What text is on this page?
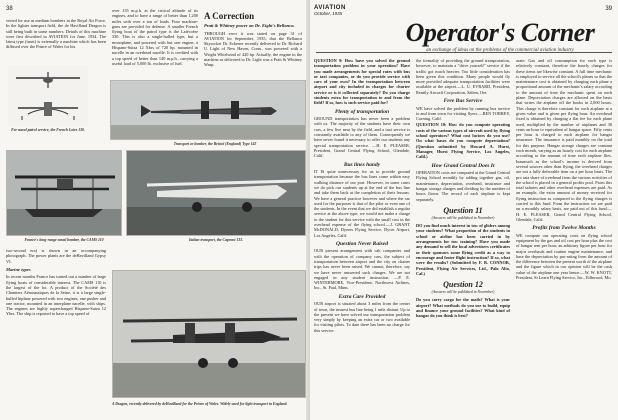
38

verted for use as medium bombers in the Royal Air Force. In the lighter transport field, the de Havilland Dragon is still being built in some numbers. Details of this machine were first described in AVIATION for June, 1934. The latest type (inset) is externally a machine which has been diffused over the Prince of Wales for his

over 135 m.p.h. at the critical altitude of its engines, and to have a range of better than 1,200 miles with over a ton of loads. Four machine-guns are provided for defense. A smaller French flying boat of the patrol type is the Latécoère 330. This is also a single-hulled type, but a monoplane, and powered with but one engine, a Hispano-Suiza 12 Xbrs of 720 hp. mounted in nacelle in an overhead nacelle. It is credited with a top speed of better than 140 m.p.h., carrying a useful load of 5,000 lb. exclusive of fuel.

A Correction
Pratt & Whitney power on Dr. Eight's Bellanca.

THROUGH error it was stated on page 31 of AVIATION for September, 1935, that the Bellanca Skyrocket Dr. Eckener recently delivered to Dr. Richard U. Light of New Haven, Conn., was powered with a Wright Whirlwind of 420 hp. Actually, the engine in the machine as delivered to Dr. Light was a Pratt & Whitney Wasp.

For naval patrol service, the French Loire 130.
Transport or bomber, the Bristol (England) Type 142
France's long-range naval bomber, the CAMS 110	Italian transport, the Caproni 133.

two-second era) is shown in an accompanying photograph. The power plants are the deHavilland Gypsy VI.

Marine types

In recent months France has turned out a number of large flying boats of considerable interest. The CAMS 110 is the largest of the lot. A product of the Société des Chantiers Aéronautiques de la Seine, it is a large single-hulled biplane powered with two engines, one pusher and one tractor, mounted in an interplane nacelle, with ships. The engines are highly supercharged Hispano-Suiza 12 Ybrs. The ship is reported to have a top speed of

A Dragon, recently delivered by deHavilland for the Prince of Wales. Widely used for light transport in England.
AVIATION
October, 1935
39

QUESTION 9: How have you solved the ground transportation problem in your operation? Have you made arrangements for special rates with bus or taxi companies, or do you provide service with cars of your own? In the transportation between airport and city included in charges for charter service or is it collected separately? Do you charge students extra for transportation to and from the field? If so, how is such service paid for?

Plenty of transportation

GROUND transportation has never been a problem with us. The majority of the students have their own cars, a few live near by the field, and a taxi service is constantly available to any of them. Consequently we have never found it necessary to offer our students any special transportation service. —H. E. PLEASER, President, Grand Central Flying School, Glendale, Calif.

Bus lines handy

IT IS quite unnecessary for us to provide ground transportation because the bus lines come within easy walking distance of our port. However, in some cases we do pick our students up at the end of the bus line and take them back at the completion of their lessons. We have a general practice however and where the car used for the purposes is that of the pilot or even one of the students. In the event that we did establish a regular service at the above type, we would not make a charge to the student for this service with the small cost in the overhead expense of the flying school.—J. GRANT McDONALD, Dyeres Flying Service, Dycer Airport, Los Angeles, Calif.

Question Never Raised

OUR present arrangement with cab companies and with the operation of company cars, the subject of transportation between airport and the city on charter trips has never been raised. We cannot, therefore, say we have never answered such charges. We are not engaged in any student instruction. —P. E. WINTERMORE, Vice-President, Northwest Airlines, Inc., St. Paul, Minn.

Extra Care Provided

OUR airport is situated about 3 miles from the center of town, the nearest bus line being 1 mile distant. Up to the present we have solved our transportation problem very simply by keeping an extra car or two available for visiting pilots. To date there has been no charge for this service.

Operator's Corner
an exchange of ideas on the problems of the commercial aviation industry

the formality of providing the ground transportation, however, to maintain a "drive yourself" service if the traffic got much heavier. Too little consideration has been given this condition. Many people would fly more provided adequate transportation facilities were available at the airport.—L. U. EVRARD, President, Rentily Aircraft Corporation, Salem, Ore.

Free Bus Service

WE have solved the problem by running bus service to and from town for visiting flyers.—BEN TORREY, Corning, Calif.

QUESTION 10: How do you compute operating costs of the various types of aircraft used by flying school operators? What cost factors do you use? On what bases do you compute depreciation? (Question submitted by Howard A. Hurst, Manager, Hurst Flying Service, Los Angeles, Calif.)

How Grand Central Does It

OPERATION costs are computed at the Grand Central Flying School monthly by adding together gas, oil, maintenance, depreciation, overhead, insurance and hangar storage charges and dividing by the number of hours flown. The record of each airplane is kept separately.

Question 11
(Answers will be published in November)

DO you find much interest in tow of gliders among your students? What proportion of the students in school or airline has been carried in by arrangements for tow training? Have you made any demand to sell the local advertisers certificates or their sponsors some flying credit as a way to encourage and foster flight instruction? If so, what were the results? (Submitted by F. B. CONNOR, President, Flying Air Services, Ltd., Palo Alto, Cal.)

Question 12
(Answers will be published in November)

Do you carry cargo for the mails? What is your airport? What methods do you use to build, equip and finance your ground facilities? What kind of hangar do you think is best?

arate. Gas and oil consumption for each type is relatively constant, therefore the hourly charges for these items are likewise constant. A full time mechanic is employed to service all the school's planes so that the maintenance cost is obtained by charging each plane a proportional amount of the mechanic's salary according to the amount of time the mechanic spent on each plane. Depreciation charges are allowed on the basis that writes the airplane off the books in 2,000 hours. This charge is therefore constant for each airplane at a given value and is given per flying hour. An overhead fixed is obtained by charging a flat fee for each plane used, multiplied by the number of airplanes and 30 cents an hour to equivalent of hangar space. Fifty cents per hour is charged to each airplane for hangar insurance. The insurance is paid monthly on the total for this purpose. Hangar storage charges are constant each month, varying as an hourly cost for each airplane according to the amount of time each airplane flies. Inasmuch as the school's income is derived from several sources other than flying, the overhead charges are not a fully deferrable item on a per hour basis. The pro rata share of overhead from the various activities of the school is placed in a general profits pool. From this total salaries and other overhead expenses are paid. As an example, the extra amount of money received for flying instruction as compared to the flying charges is carried to this fund. From the instruction we are paid on a monthly salary basis, are paid out of this fund.—H. E. PLEASER, Grand Central Flying School, Glendale, Calif.

Profits from Twelve Months

WE compute our operating costs on flying school equipment by the gas and oil cost per hour plus the cost of hangar rent per hour, an arbitrary figure per hour for major overhauls and routine engine maintenance, and base the depreciation by pro-rating from the amount of the difference between the present worth of the airplane and the figure which in our opinion will be the cash value of the airplane one year hence.—W. W. KNOTT, President, Si Learn Flying Service, Inc., Edhwood, Mo.
